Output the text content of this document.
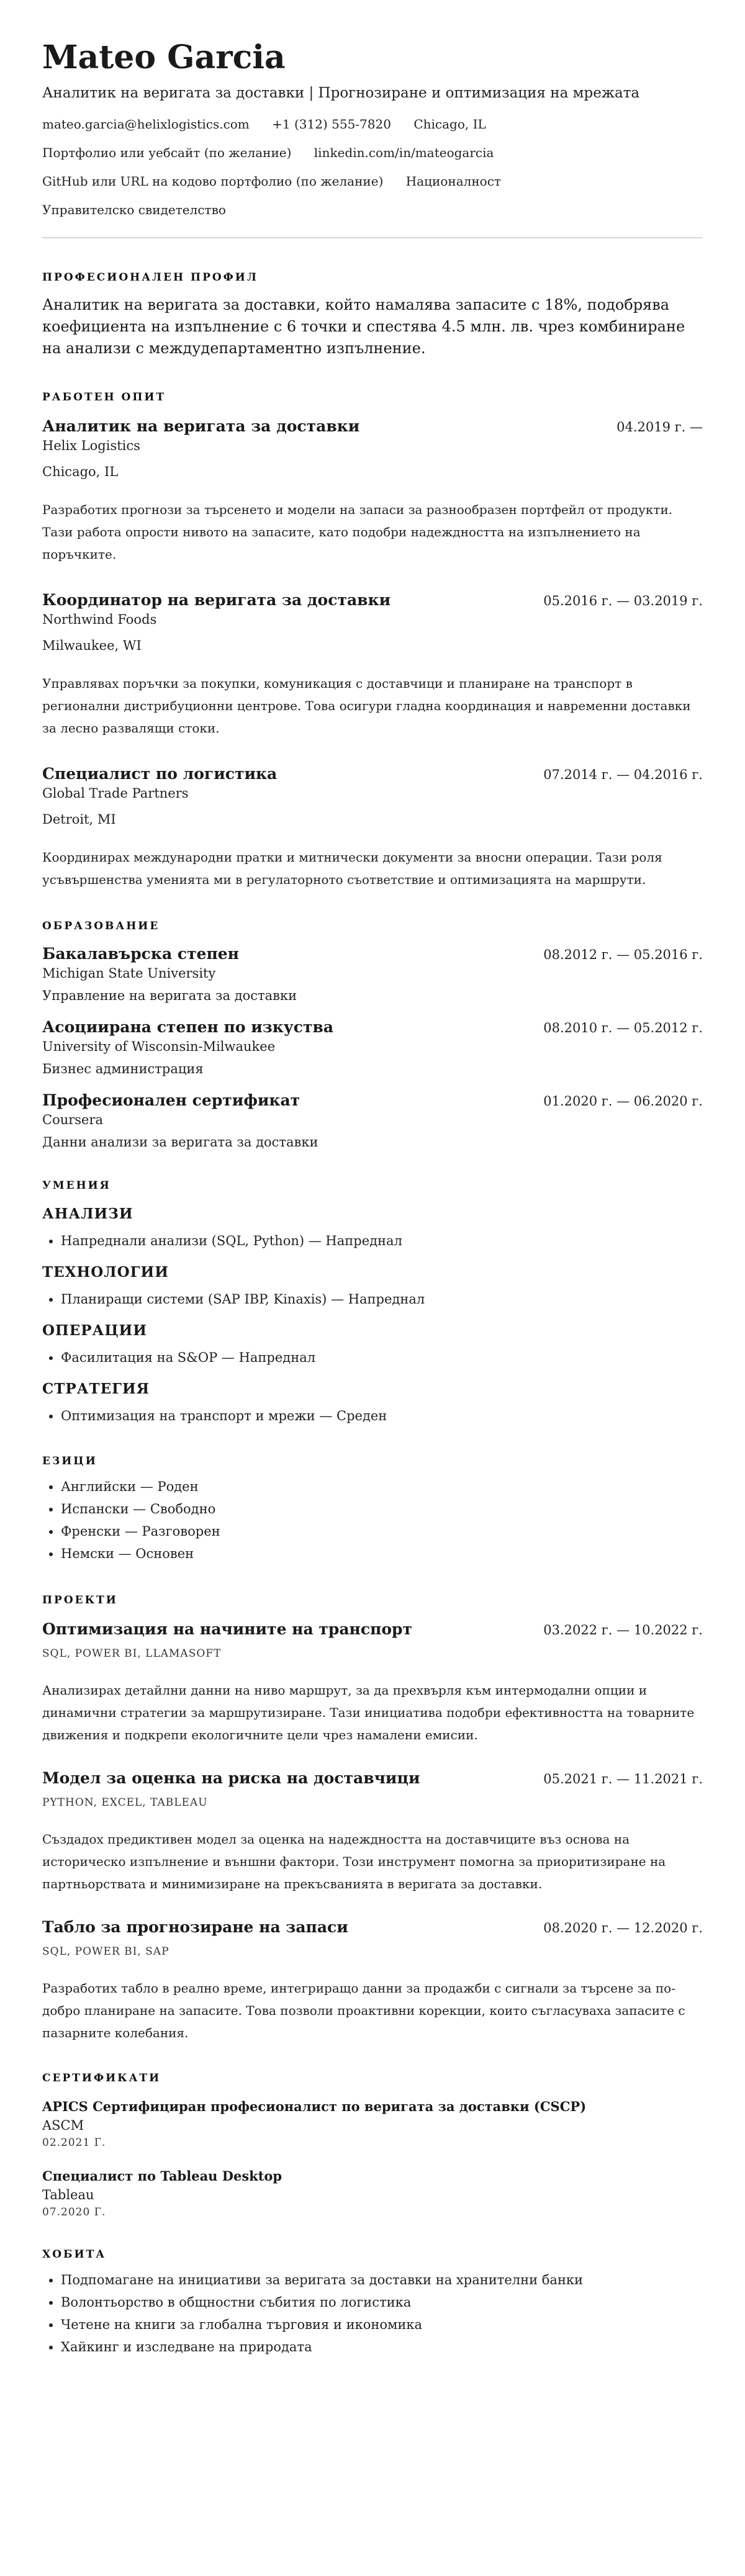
Mateo Garcia
Аналитик на веригата за доставки | Прогнозиране и оптимизация на мрежата
mateo.garcia@helixlogistics.com +1 (312) 555-7820 Chicago, IL
Портфолио или уебсайт (по желание) linkedin.com/in/mateogarcia
GitHub или URL на кодово портфолио (по желание) Националност
Управителско свидетелство
ПРОФЕСИОНАЛЕН ПРОФИЛ
Аналитик на веригата за доставки, който намалява запасите с 18%, подобрява коефициента на изпълнение с 6 точки и спестява 4.5 млн. лв. чрез комбиниране на анализи с междудепартаментно изпълнение.
РАБОТЕН ОПИТ
Аналитик на веригата за доставки	04.2019 г. —
Helix Logistics
Chicago, IL
Разработих прогнози за търсенето и модели на запаси за разнообразен портфейл от продукти. Тази работа опрости нивото на запасите, като подобри надеждността на изпълнението на поръчките.
Координатор на веригата за доставки	05.2016 г. — 03.2019 г.
Northwind Foods
Milwaukee, WI
Управлявах поръчки за покупки, комуникация с доставчици и планиране на транспорт в регионални дистрибуционни центрове. Това осигури гладна координация и навременни доставки за лесно развалящи стоки.
Специалист по логистика	07.2014 г. — 04.2016 г.
Global Trade Partners
Detroit, MI
Координирах международни пратки и митнически документи за вносни операции. Тази роля усъвършенства уменията ми в регулаторното съответствие и оптимизацията на маршрути.
ОБРАЗОВАНИЕ
Бакалавърска степен	08.2012 г. — 05.2016 г.
Michigan State University
Управление на веригата за доставки
Асоциирана степен по изкуства	08.2010 г. — 05.2012 г.
University of Wisconsin-Milwaukee
Бизнес администрация
Професионален сертификат	01.2020 г. — 06.2020 г.
Coursera
Данни анализи за веригата за доставки
УМЕНИЯ
АНАЛИЗИ
• Напреднали анализи (SQL, Python) — Напреднал
ТЕХНОЛОГИИ
• Планиращи системи (SAP IBP, Kinaxis) — Напреднал
ОПЕРАЦИИ
• Фасилитация на S&OP — Напреднал
СТРАТЕГИЯ
• Оптимизация на транспорт и мрежи — Среден
ЕЗИЦИ
• Английски — Роден
• Испански — Свободно
• Френски — Разговорен
• Немски — Основен
ПРОЕКТИ
Оптимизация на начините на транспорт	03.2022 г. — 10.2022 г.
SQL, POWER BI, LLAMASOFT
Анализирах детайлни данни на ниво маршрут, за да прехвърля към интермодални опции и динамични стратегии за маршрутизиране. Тази инициатива подобри ефективността на товарните движения и подкрепи екологичните цели чрез намалени емисии.
Модел за оценка на риска на доставчици	05.2021 г. — 11.2021 г.
PYTHON, EXCEL, TABLEAU
Създадох предиктивен модел за оценка на надеждността на доставчиците въз основа на историческо изпълнение и външни фактори. Този инструмент помогна за приоритизиране на партньорствата и минимизиране на прекъсванията в веригата за доставки.
Табло за прогнозиране на запаси	08.2020 г. — 12.2020 г.
SQL, POWER BI, SAP
Разработих табло в реално време, интегриращо данни за продажби с сигнали за търсене за по-добро планиране на запасите. Това позволи проактивни корекции, които съгласуваха запасите с пазарните колебания.
СЕРТИФИКАТИ
APICS Сертифициран професионалист по веригата за доставки (CSCP)
ASCM
02.2021 Г.
Специалист по Tableau Desktop
Tableau
07.2020 Г.
ХОБИТА
• Подпомагане на инициативи за веригата за доставки на хранителни банки
• Волонтьорство в общностни събития по логистика
• Четене на книги за глобална търговия и икономика
• Хайкинг и изследване на природата
